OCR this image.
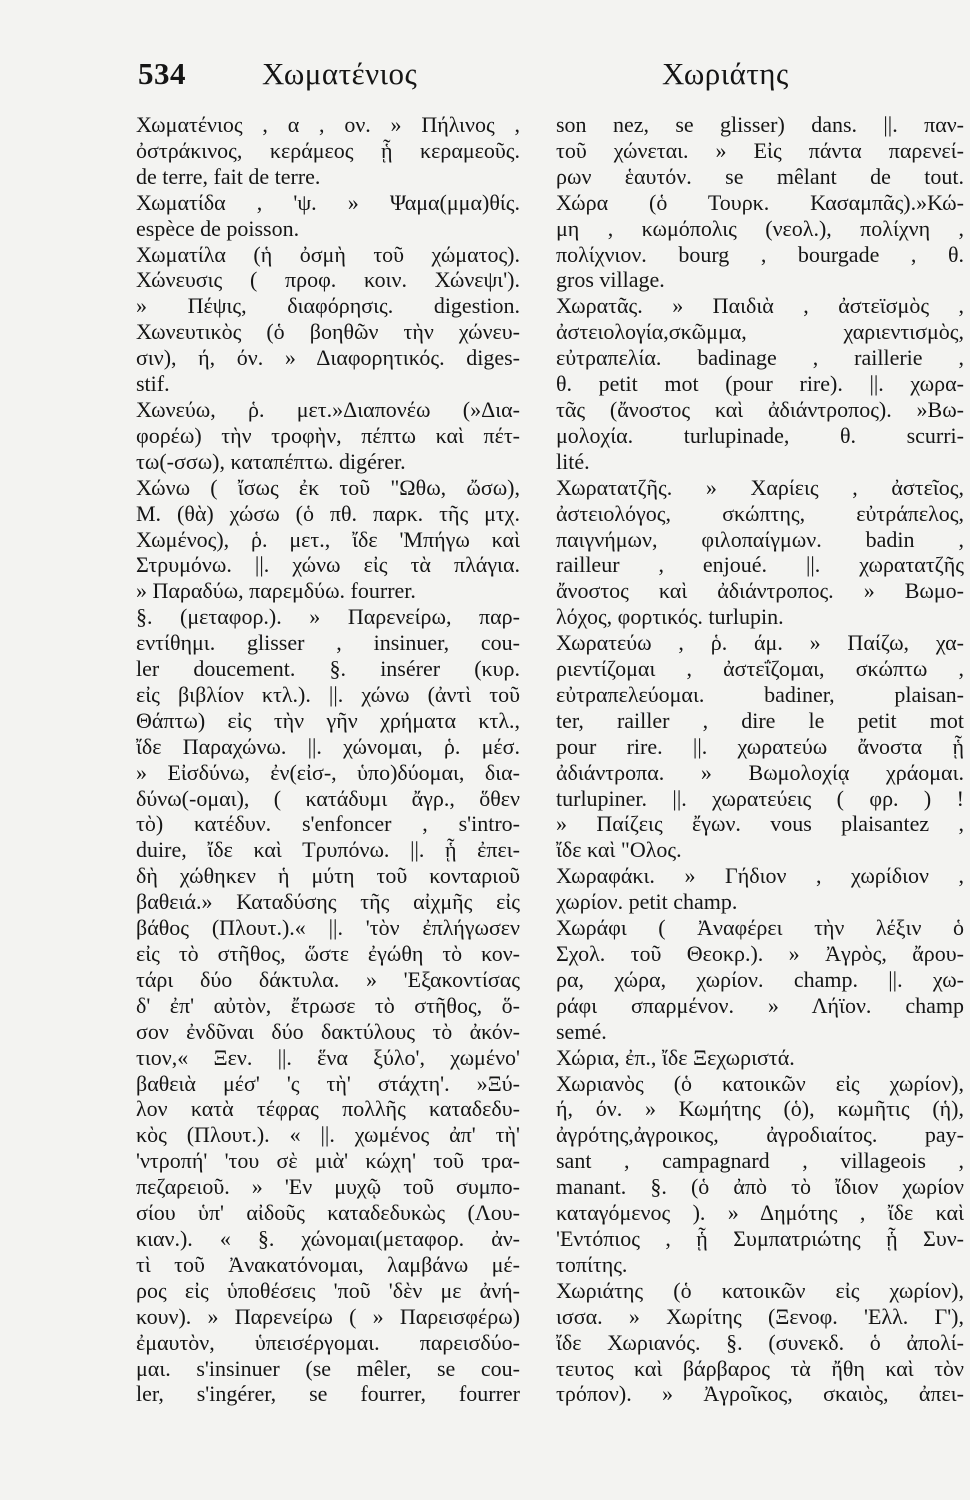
534 Χωματένιος	Χωριάτης
Χωματένιος , α , ον. » Πήλινος ,
ὀστράκινος, κεράμεος ᾗ κεραμεοῦς.
de terre, fait de terre.
Χωματίδα , 'ψ. » Ψαμα(μμα)θίς.
espèce de poisson.
Χωματίλα (ἡ ὀσμὴ τοῦ χώματος).
Χώνευσις ( προφ. κοιν. Χώνεψι').
» Πέψις, διαφόρησις. digestion.
Χωνευτικὸς (ὁ βοηθῶν τὴν χώνευ-
σιν), ή, όν. » Διαφορητικός. diges-
stif.
Χωνεύω, ῥ. μετ.»Διαπονέω (»Δια-
φορέω) τὴν τροφὴν, πέπτω καὶ πέτ-
τω(-σσω), καταπέπτω. digérer.
Χώνω ( ἴσως ἐκ τοῦ "Ωθω, ὤσω),
Μ. (θὰ) χώσω (ὁ πθ. παρκ. τῆς μτχ.
Χωμένος), ῥ. μετ., ἴδε 'Μπήγω καὶ
Στρυμόνω. ||. χώνω εἰς τὰ πλάγια.
» Παραδύω, παρεμδύω. fourrer.
§. (μεταφορ.). » Παρενείρω, παρ-
εντίθημι. glisser , insinuer, cou-
ler doucement. §. insérer (κυρ.
εἰς βιβλίον κτλ.). ||. χώνω (ἀντὶ τοῦ
Θάπτω) εἰς τὴν γῆν χρήματα κτλ.,
ἴδε Παραχώνω. ||. χώνομαι, ῥ. μέσ.
» Εἰσδύνω, ἐν(εἰσ-, ὑπο)δύομαι, δια-
δύνω(-ομαι), ( κατάδυμι ἄγρ., ὅθεν
τὸ) κατέδυν. s'enfoncer , s'intro-
duire, ἴδε καὶ Τρυπόνω. ||. ᾗ ἐπει-
δὴ χώθηκεν ἡ μύτη τοῦ κονταριοῦ
βαθειά.» Καταδύσης τῆς αἰχμῆς εἰς
βάθος (Πλουτ.).« ||. 'τὸν ἐπλήγωσεν
εἰς τὸ στῆθος, ὥστε ἐγώθη τὸ κον-
τάρι δύο δάκτυλα. » 'Εξακοντίσας
δ' ἐπ' αὐτὸν, ἔτρωσε τὸ στῆθος, ὅ-
σον ἐνδῦναι δύο δακτύλους τὸ ἀκόν-
τιον,« Ξεν. ||. ἕνα ξύλο', χωμένο'
βαθειὰ μέσ' 'ς τὴ' στάχτη'. »Ξύ-
λον κατὰ τέφρας πολλῆς καταδεδυ-
κὸς (Πλουτ.). « ||. χωμένος ἀπ' τὴ'
'ντροπή' 'του σὲ μιὰ' κώχη' τοῦ τρα-
πεζαρειοῦ. » 'Εν μυχῷ τοῦ συμπο-
σίου ὑπ' αἰδοῦς καταδεδυκὼς (Λου-
κιαν.). « §. χώνομαι(μεταφορ. ἀν-
τὶ τοῦ Ἀνακατόνομαι, λαμβάνω μέ-
ρος εἰς ὑποθέσεις 'ποῦ 'δὲν με ἀνή-
κουν). » Παρενείρω ( » Παρεισφέρω)
ἐμαυτὸν, ὑπεισέργομαι. παρεισδύο-
μαι. s'insinuer (se mêler, se cou-
ler, s'ingérer, se fourrer, fourrer
son nez, se glisser) dans. ||. παν-
τοῦ χώνεται. » Εἰς πάντα παρενεί-
ρων ἑαυτόν. se mêlant de tout.
Χώρα (ὁ Τουρκ. Κασαμπᾶς).»Κώ-
μη , κωμόπολις (νεολ.), πολίχνη ,
πολίχνιον. bourg , bourgade , θ.
gros village.
Χωρατᾶς. » Παιδιὰ , ἀστεϊσμὸς ,
ἀστειολογία,σκῶμμα, χαριεντισμὸς,
εὐτραπελία. badinage , raillerie ,
θ. petit mot (pour rire). ||. χωρα-
τᾶς (ἄνοστος καὶ ἀδιάντροπος). »Βω-
μολοχία. turlupinade, θ. scurri-
lité.
Χωρατατζῆς. » Χαρίεις , ἀστεῖος,
ἀστειολόγος, σκώπτης, εὐτράπελος,
παιγνήμων, φιλοπαίγμων. badin ,
railleur , enjoué. ||. χωρατατζῆς
ἄνοστος καὶ ἀδιάντροπος. » Βωμο-
λόχος, φορτικός. turlupin.
Χωρατεύω , ῥ. άμ. » Παίζω, χα-
ριεντίζομαι , ἀστεΐζομαι, σκώπτω ,
εὐτραπελεύομαι. badiner, plaisan-
ter, railler , dire le petit mot
pour rire. ||. χωρατεύω ἄνοστα ᾗ
ἀδιάντροπα. » Βωμολοχίᾳ χράομαι.
turlupiner. ||. χωρατεύεις ( φρ. ) !
» Παίζεις ἔγων. vous plaisantez ,
ἴδε καὶ "Ολος.
Χωραφάκι. » Γήδιον , χωρίδιον ,
χωρίον. petit champ.
Χωράφι ( Ἀναφέρει τὴν λέξιν ὁ
Σχολ. τοῦ Θεοκρ.). » Ἀγρὸς, ἄρου-
ρα, χώρα, χωρίον. champ. ||. χω-
ράφι σπαρμένον. » Λήϊον. champ
semé.
Χώρια, ἐπ., ἴδε Ξεχωριστά.
Χωριανὸς (ὁ κατοικῶν εἰς χωρίον),
ή, όν. » Κωμήτης (ὁ), κωμῆτις (ἡ),
ἀγρότης,ἀγροικος, ἀγροδιαίτος. pay-
sant , campagnard , villageois ,
manant. §. (ὁ ἀπὸ τὸ ἴδιον χωρίον
καταγόμενος ). » Δημότης , ἴδε καὶ
'Εντόπιος , ᾗ Συμπατριώτης ᾗ Συν-
τοπίτης.
Χωριάτης (ὁ κατοικῶν εἰς χωρίον),
ισσα. » Χωρίτης (Ξενοφ. 'Ελλ. Γ'),
ἴδε Χωριανός. §. (συνεκδ. ὁ ἀπολί-
τευτος καὶ βάρβαρος τὰ ἤθη καὶ τὸν
τρόπον). » Ἀγροῖκος, σκαιὸς, ἀπει-
